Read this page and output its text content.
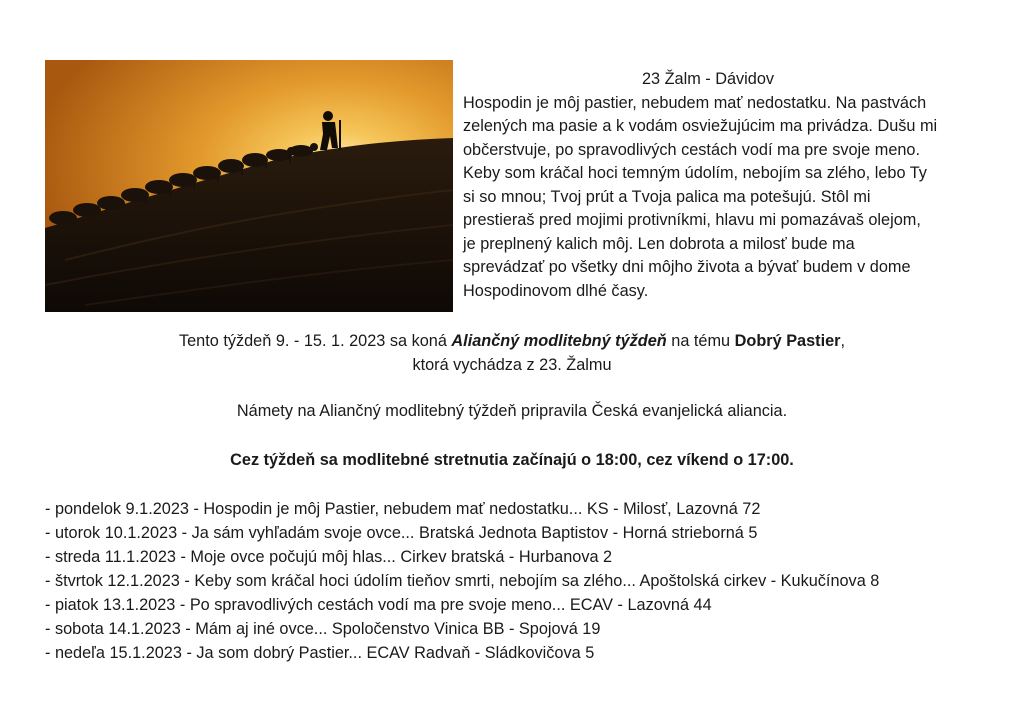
23 Žalm - Dávidov
Hospodin je môj pastier, nebudem mať nedostatku. Na pastvách
zelených ma pasie a k vodám osviežujúcim ma privádza. Dušu mi
občerstvuje, po spravodlivých cestách vodí ma pre svoje meno.
Keby som kráčal hoci temným údolím, nebojím sa zlého, lebo Ty
si so mnou; Tvoj prút a Tvoja palica ma potešujú. Stôl mi
prestieraš pred mojimi protivníkmi, hlavu mi pomazávaš olejom,
je preplnený kalich môj. Len dobrota a milosť bude ma
sprevádzať po všetky dni môjho života a bývať budem v dome
Hospodinovom dlhé časy.
Tento týždeň 9. - 15. 1. 2023 sa koná Aliančný modlitebný týždeň na tému Dobrý Pastier,
ktorá vychádza z 23. Žalmu
Námety na Aliančný modlitebný týždeň pripravila Česká evanjelická aliancia.
Cez týždeň sa modlitebné stretnutia začínajú o 18:00, cez víkend o 17:00.
- pondelok 9.1.2023 - Hospodin je môj Pastier, nebudem mať nedostatku... KS - Milosť, Lazovná 72
- utorok 10.1.2023 - Ja sám vyhľadám svoje ovce... Bratská Jednota Baptistov - Horná strieborná 5
- streda 11.1.2023 - Moje ovce počujú môj hlas... Cirkev bratská - Hurbanova 2
- štvrtok 12.1.2023 - Keby som kráčal hoci údolím tieňov smrti, nebojím sa zlého... Apoštolská cirkev - Kukučínova 8
- piatok 13.1.2023 - Po spravodlivých cestách vodí ma pre svoje meno... ECAV - Lazovná 44
- sobota 14.1.2023 - Mám aj iné ovce... Spoločenstvo Vinica BB - Spojová 19
- nedeľa 15.1.2023 - Ja som dobrý Pastier... ECAV Radvaň - Sládkovičova 5
